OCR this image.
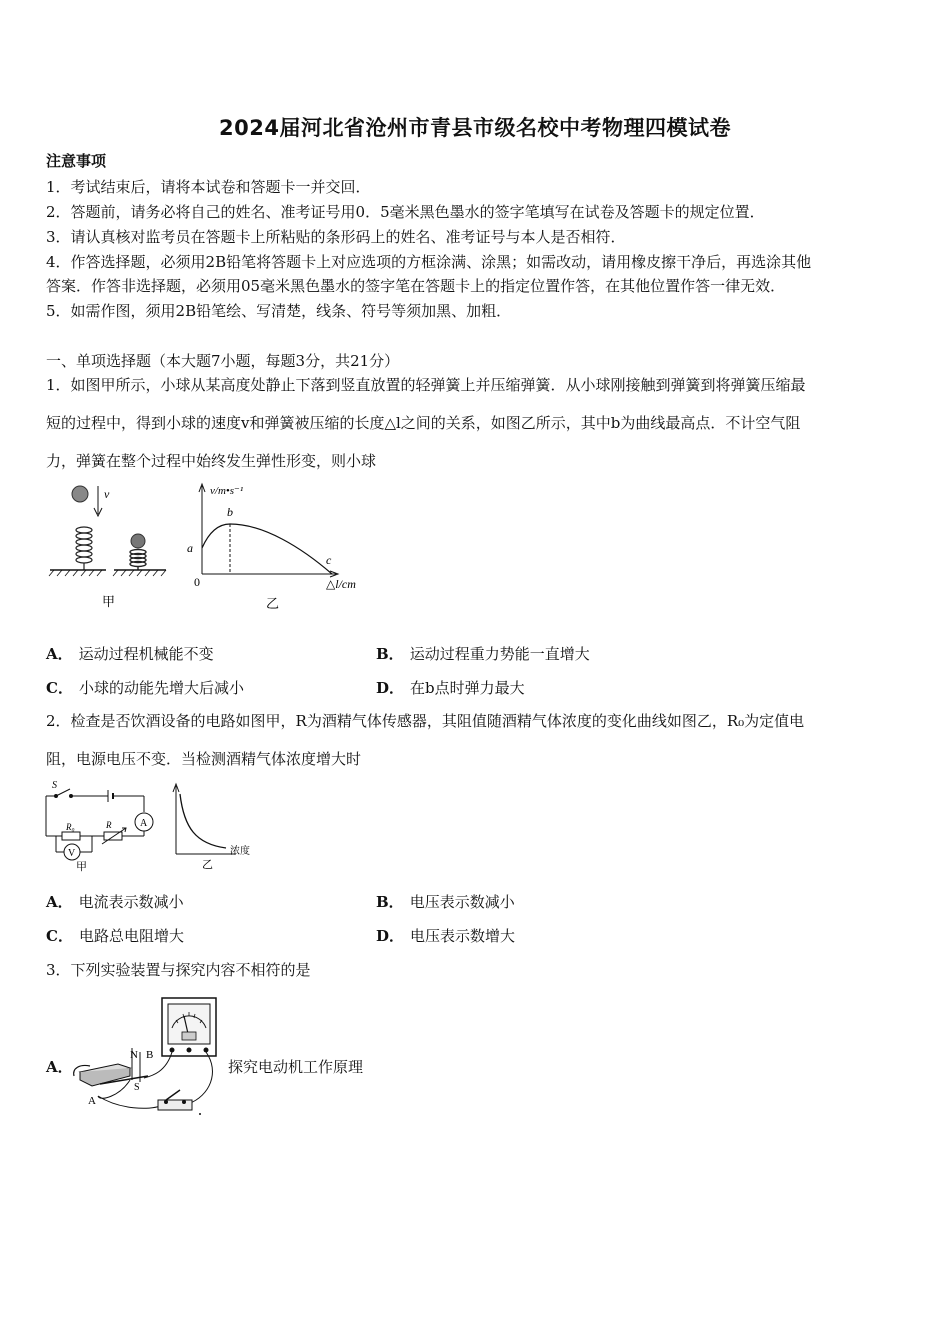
2024届河北省沧州市青县市级名校中考物理四模试卷
注意事项
1．考试结束后，请将本试卷和答题卡一并交回．
2．答题前，请务必将自己的姓名、准考证号用0．5毫米黑色墨水的签字笔填写在试卷及答题卡的规定位置．
3．请认真核对监考员在答题卡上所粘贴的条形码上的姓名、准考证号与本人是否相符．
4．作答选择题，必须用2B铅笔将答题卡上对应选项的方框涂满、涂黑；如需改动，请用橡皮擦干净后，再选涂其他
答案．作答非选择题，必须用05毫米黑色墨水的签字笔在答题卡上的指定位置作答，在其他位置作答一律无效．
5．如需作图，须用2B铅笔绘、写清楚，线条、符号等须加黑、加粗．
一、单项选择题（本大题7小题，每题3分，共21分）
1．如图甲所示，小球从某高度处静止下落到竖直放置的轻弹簧上并压缩弹簧．从小球刚接触到弹簧到将弹簧压缩最
短的过程中，得到小球的速度v和弹簧被压缩的长度△l之间的关系，如图乙所示，其中b为曲线最高点．不计空气阻
力，弹簧在整个过程中始终发生弹性形变，则小球
v
甲
v/m•s⁻¹
b
a
c
0	△l/cm
乙
A． 运动过程机械能不变	B． 运动过程重力势能一直增大
C． 小球的动能先增大后减小	D． 在b点时弹力最大
2．检查是否饮酒设备的电路如图甲，R为酒精气体传感器，其阻值随酒精气体浓度的变化曲线如图乙，R₀为定值电
阻，电源电压不变．当检测酒精气体浓度增大时
S
R₀	R	A
V
甲
浓度
乙
A． 电流表示数减小	B． 电压表示数减小
C． 电路总电阻增大	D． 电压表示数增大
3．下列实验装置与探究内容不相符的是
A．
N B
S
A
探究电动机工作原理
